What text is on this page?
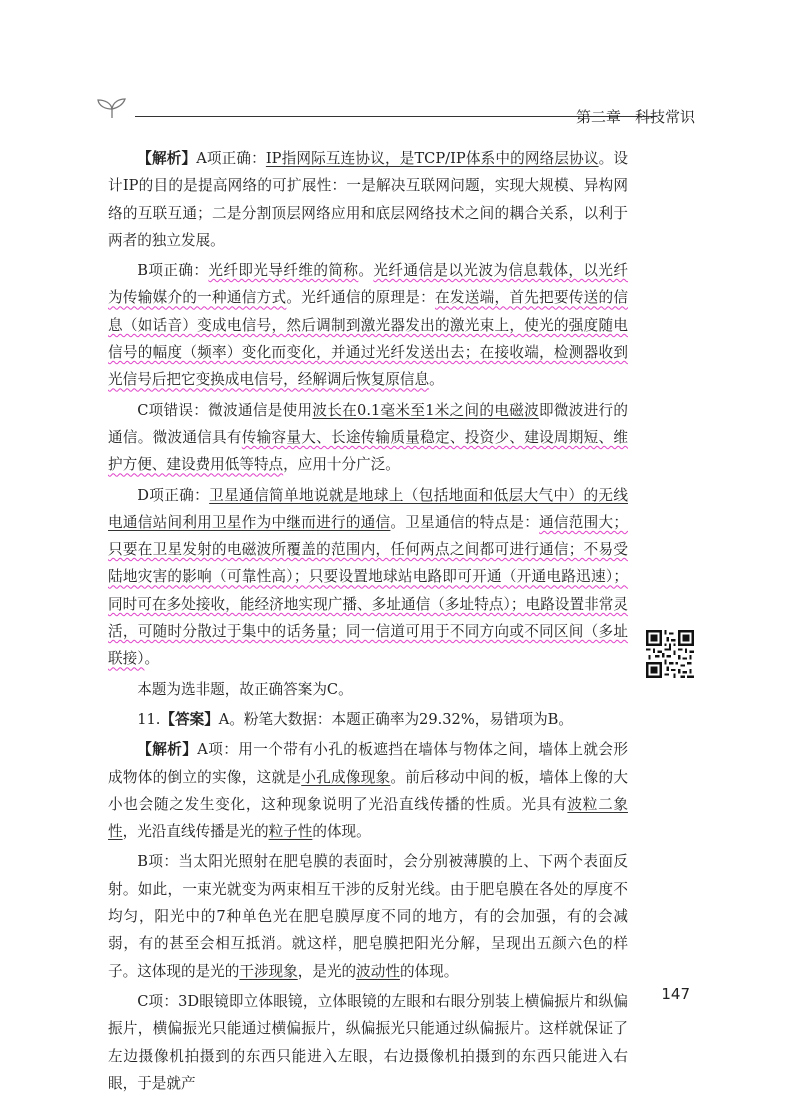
第二章 科技常识

【解析】A项正确：IP指网际互连协议，是TCP/IP体系中的网络层协议。设计IP的目的是提高网络的可扩展性：一是解决互联网问题，实现大规模、异构网络的互联互通；二是分割顶层网络应用和底层网络技术之间的耦合关系，以利于两者的独立发展。

B项正确：光纤即光导纤维的简称。光纤通信是以光波为信息载体，以光纤为传输媒介的一种通信方式。光纤通信的原理是：在发送端，首先把要传送的信息（如话音）变成电信号，然后调制到激光器发出的激光束上，使光的强度随电信号的幅度（频率）变化而变化，并通过光纤发送出去；在接收端，检测器收到光信号后把它变换成电信号，经解调后恢复原信息。

C项错误：微波通信是使用波长在0.1毫米至1米之间的电磁波即微波进行的通信。微波通信具有传输容量大、长途传输质量稳定、投资少、建设周期短、维护方便、建设费用低等特点，应用十分广泛。

D项正确：卫星通信简单地说就是地球上（包括地面和低层大气中）的无线电通信站间利用卫星作为中继而进行的通信。卫星通信的特点是：通信范围大；只要在卫星发射的电磁波所覆盖的范围内，任何两点之间都可进行通信；不易受陆地灾害的影响（可靠性高）；只要设置地球站电路即可开通（开通电路迅速）；同时可在多处接收，能经济地实现广播、多址通信（多址特点）；电路设置非常灵活，可随时分散过于集中的话务量；同一信道可用于不同方向或不同区间（多址联接）。

本题为选非题，故正确答案为C。

11.【答案】A。粉笔大数据：本题正确率为29.32%，易错项为B。

【解析】A项：用一个带有小孔的板遮挡在墙体与物体之间，墙体上就会形成物体的倒立的实像，这就是小孔成像现象。前后移动中间的板，墙体上像的大小也会随之发生变化，这种现象说明了光沿直线传播的性质。光具有波粒二象性，光沿直线传播是光的粒子性的体现。

B项：当太阳光照射在肥皂膜的表面时，会分别被薄膜的上、下两个表面反射。如此，一束光就变为两束相互干涉的反射光线。由于肥皂膜在各处的厚度不均匀，阳光中的7种单色光在肥皂膜厚度不同的地方，有的会加强，有的会减弱，有的甚至会相互抵消。就这样，肥皂膜把阳光分解，呈现出五颜六色的样子。这体现的是光的干涉现象，是光的波动性的体现。

C项：3D眼镜即立体眼镜，立体眼镜的左眼和右眼分别装上横偏振片和纵偏振片，横偏振光只能通过横偏振片，纵偏振光只能通过纵偏振片。这样就保证了左边摄像机拍摄到的东西只能进入左眼，右边摄像机拍摄到的东西只能进入右眼，于是就产

147
